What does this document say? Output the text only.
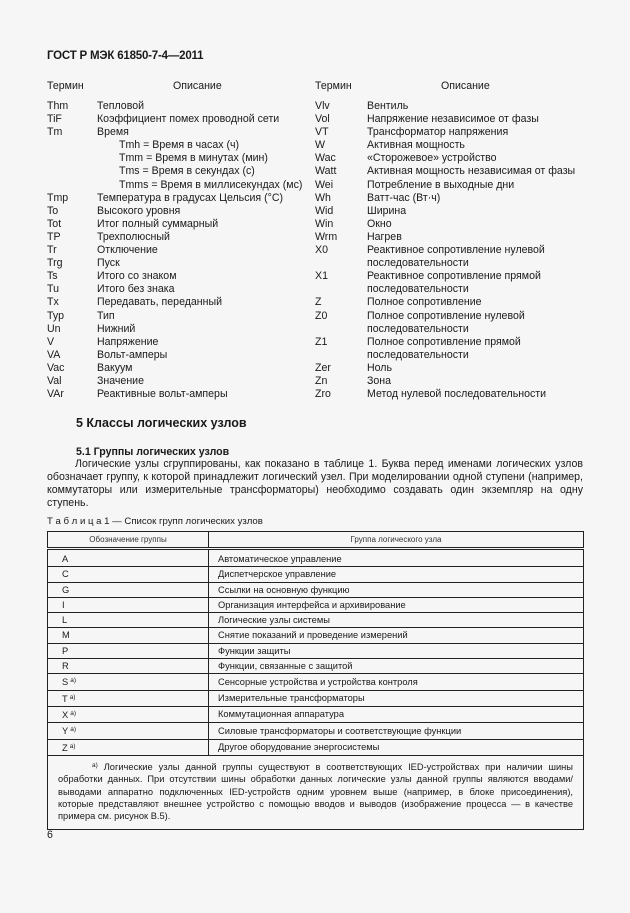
ГОСТ Р МЭК 61850-7-4—2011
Термин	Описание
Thm	Тепловой
TiF	Коэффициент помех проводной сети
Tm	Время
Tmh = Время в часах (ч)
Tmm = Время в минутах (мин)
Tms = Время в секундах (с)
Tmms = Время в миллисекундах (мс)
Tmp	Температура в градусах Цельсия (°С)
To	Высокого уровня
Tot	Итог полный суммарный
TP	Трехполюсный
Tr	Отключение
Trg	Пуск
Ts	Итого со знаком
Tu	Итого без знака
Tx	Передавать, переданный
Typ	Тип
Un	Нижний
V	Напряжение
VA	Вольт-амперы
Vac	Вакуум
Val	Значение
VAr	Реактивные вольт-амперы
Термин	Описание
Vlv	Вентиль
Vol	Напряжение независимое от фазы
VT	Трансформатор напряжения
W	Активная мощность
Wac	«Сторожевое» устройство
Watt	Активная мощность независимая от фазы
Wei	Потребление в выходные дни
Wh	Ватт-час (Вт·ч)
Wid	Ширина
Win	Окно
Wrm	Нагрев
X0	Реактивное сопротивление нулевой последовательности
X1	Реактивное сопротивление прямой последовательности
Z	Полное сопротивление
Z0	Полное сопротивление нулевой последовательности
Z1	Полное сопротивление прямой последовательности
Zer	Ноль
Zn	Зона
Zro	Метод нулевой последовательности
5 Классы логических узлов
5.1 Группы логических узлов
Логические узлы сгруппированы, как показано в таблице 1. Буква перед именами логических узлов обозначает группу, к которой принадлежит логический узел. При моделировании одной ступени (например, коммутаторы или измерительные трансформаторы) необходимо создавать один экземпляр на одну ступень.
Т а б л и ц а 1 — Список групп логических узлов
Обозначение группы	Группа логического узла
A	Автоматическое управление
C	Диспетчерское управление
G	Ссылки на основную функцию
I	Организация интерфейса и архивирование
L	Логические узлы системы
M	Снятие показаний и проведение измерений
P	Функции защиты
R	Функции, связанные с защитой
S $^{а)}$	Сенсорные устройства и устройства контроля
T $^{а)}$	Измерительные трансформаторы
X $^{а)}$	Коммутационная аппаратура
Y $^{а)}$	Силовые трансформаторы и соответствующие функции
Z $^{а)}$	Другое оборудование энергосистемы
$^{а)}$ Логические узлы данной группы существуют в соответствующих IED-устройствах при наличии шины обработки данных. При отсутствии шины обработки данных логические узлы данной группы являются вводами/выводами аппаратно подключенных IED-устройств одним уровнем выше (например, в блоке присоединения), которые представляют внешнее устройство с помощью вводов и выводов (изображение процесса — в качестве примера см. рисунок В.5).	
6
